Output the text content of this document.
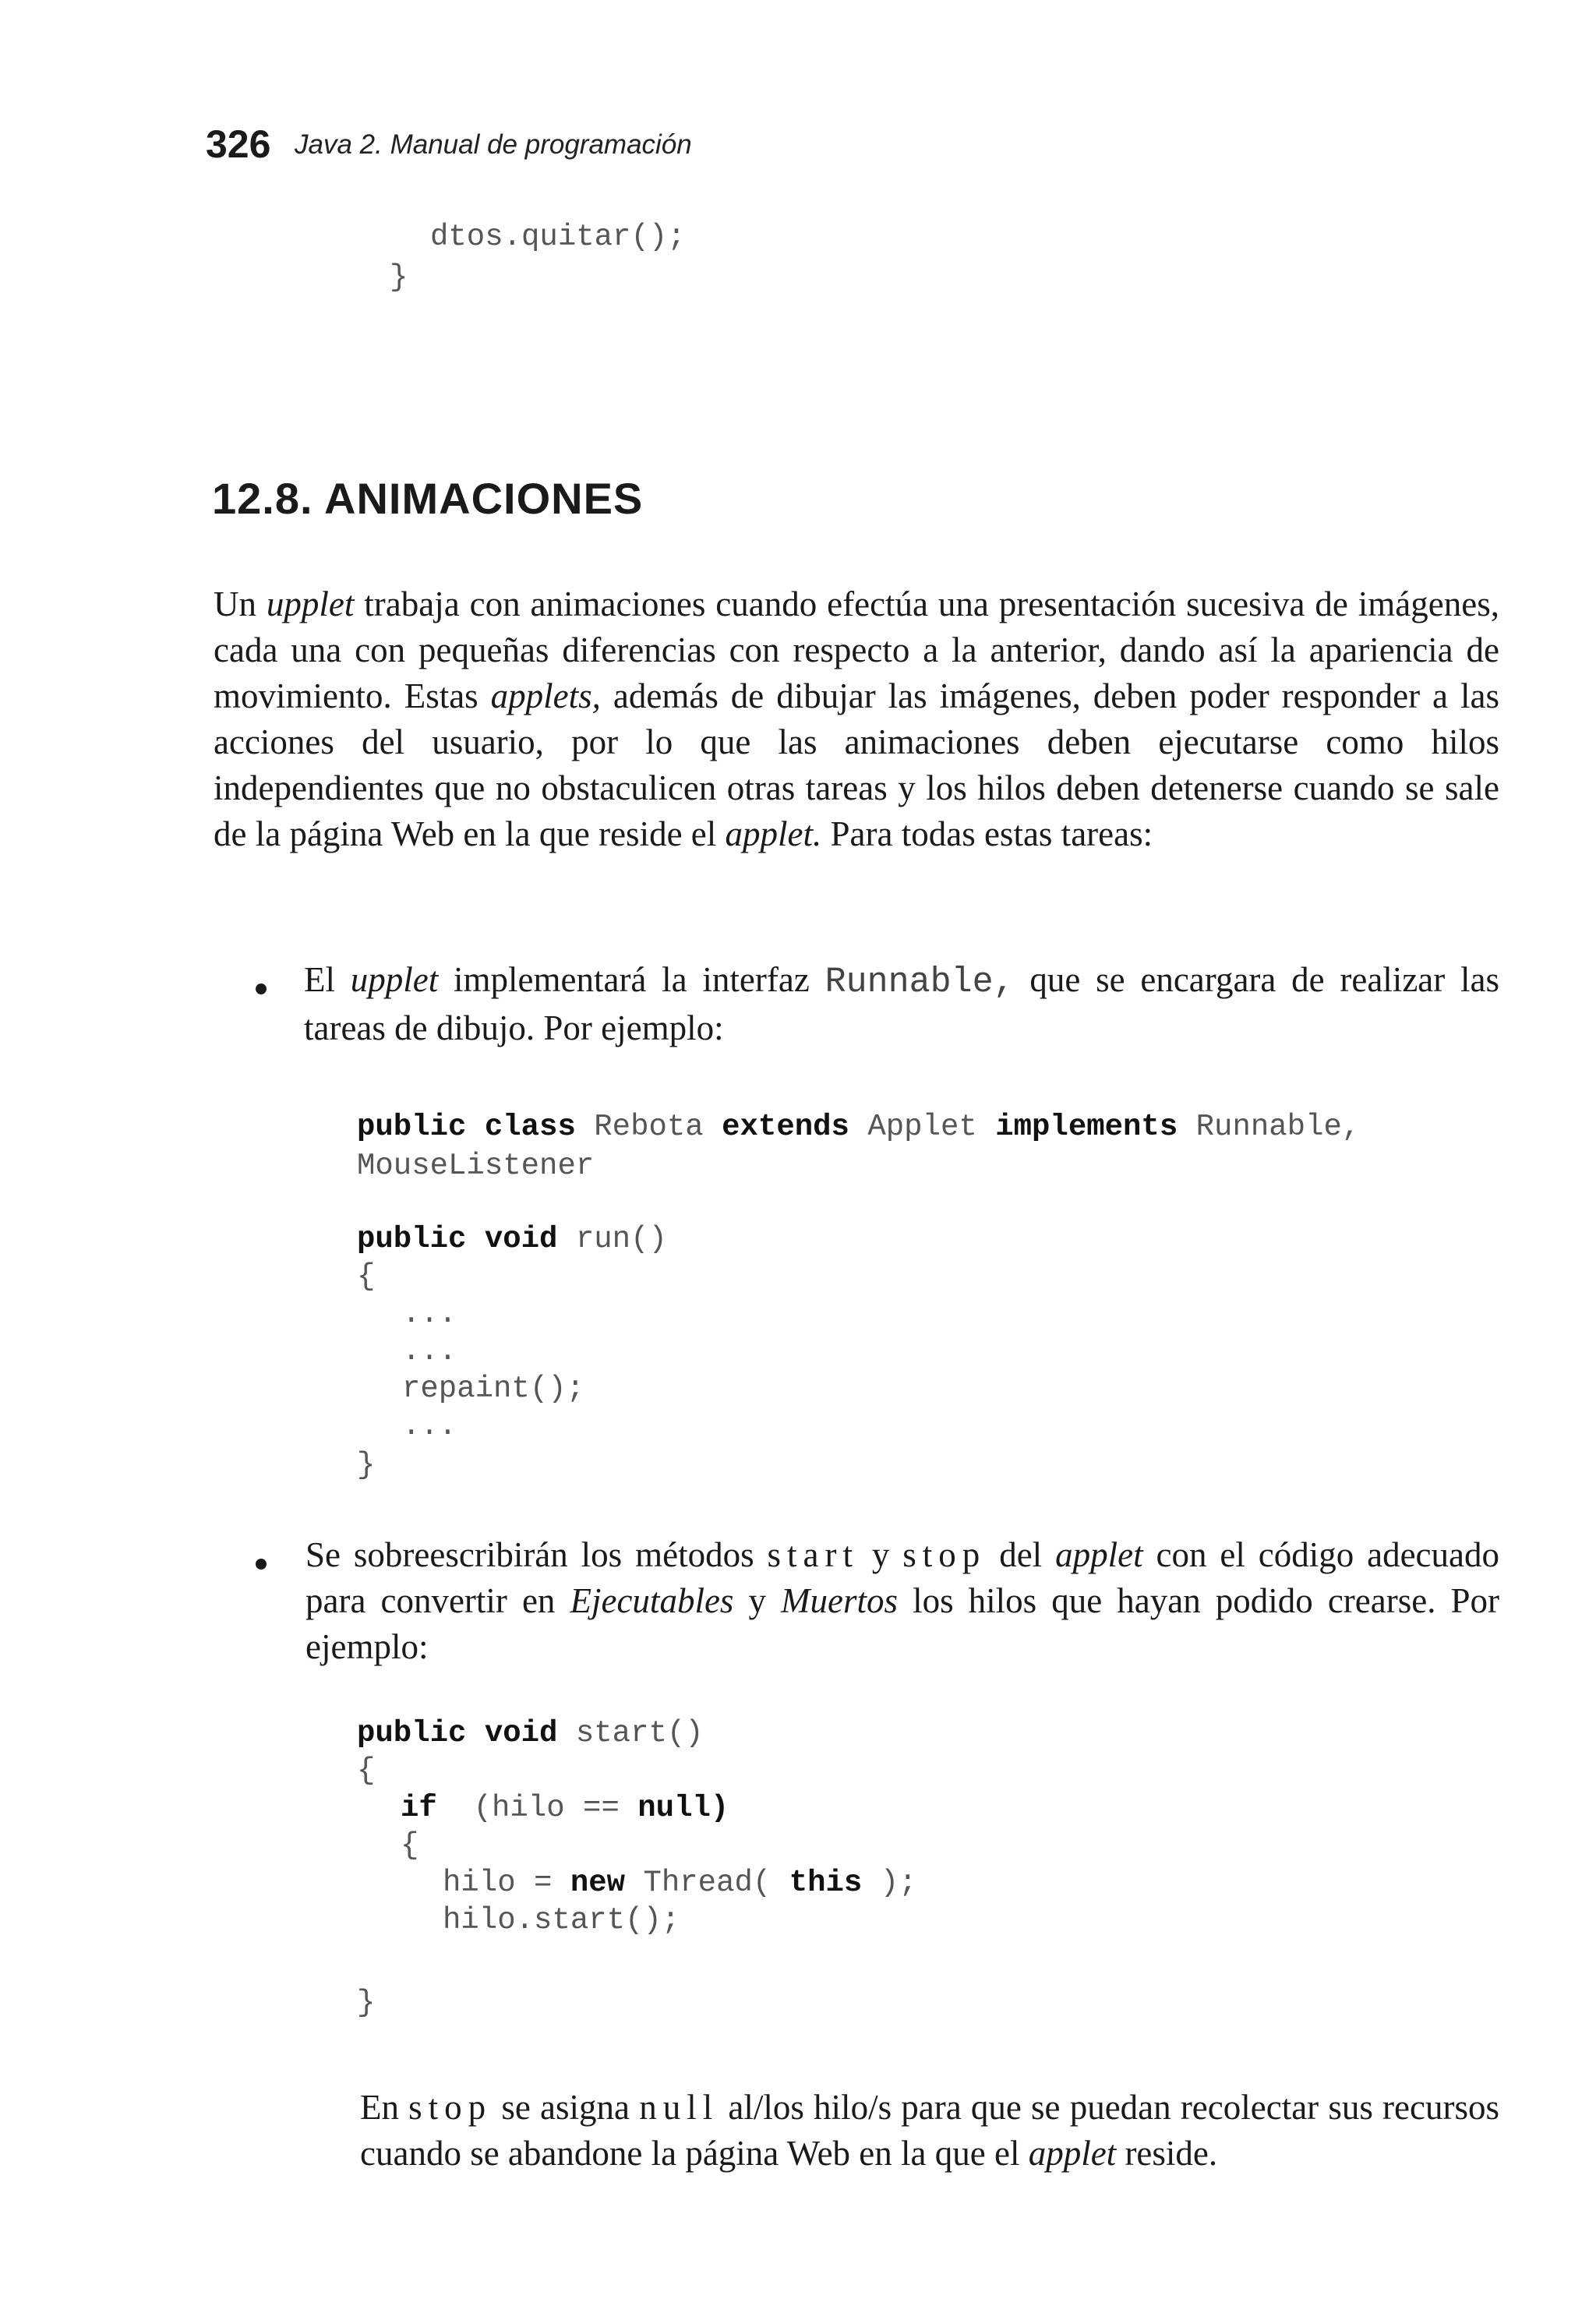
326 Java 2. Manual de programación
dtos.quitar();
}
12.8. ANIMACIONES
Un upplet trabaja con animaciones cuando efectúa una presentación sucesiva de imágenes, cada una con pequeñas diferencias con respecto a la anterior, dando así la apariencia de movimiento. Estas applets, además de dibujar las imágenes, deben poder responder a las acciones del usuario, por lo que las animaciones deben ejecutarse como hilos independientes que no obstaculicen otras tareas y los hilos deben detenerse cuando se sale de la página Web en la que reside el applet. Para todas estas tareas:
El upplet implementará la interfaz Runnable, que se encargara de realizar las tareas de dibujo. Por ejemplo:
public class Rebota extends Applet implements Runnable,
MouseListener
public void run()
{
...
...
repaint();
...
}
Se sobreescribirán los métodos start y stop del applet con el código adecuado para convertir en Ejecutables y Muertos los hilos que hayan podido crearse. Por ejemplo:
public void start()
{
if (hilo == null)
{
hilo = new Thread( this );
hilo.start();
}
En stop se asigna null al/los hilo/s para que se puedan recolectar sus recursos cuando se abandone la página Web en la que el applet reside.
